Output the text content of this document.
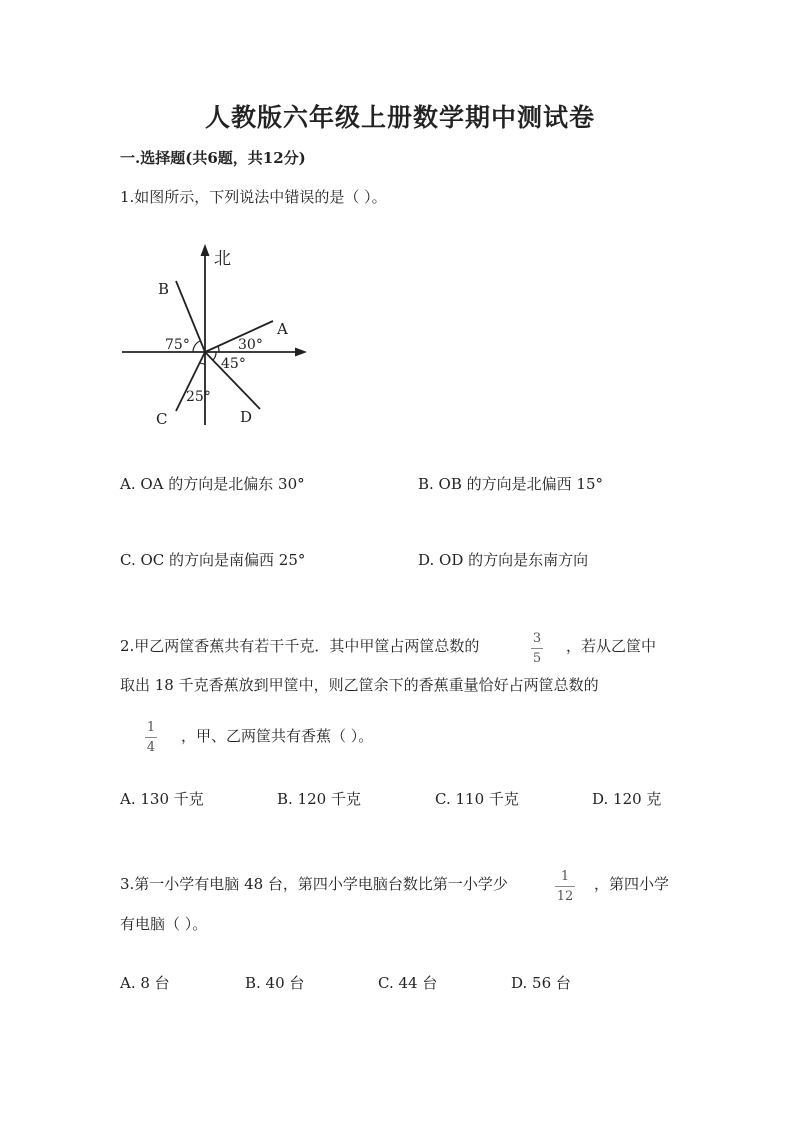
人教版六年级上册数学期中测试卷
一.选择题(共6题，共12分)
1.如图所示，下列说法中错误的是（ ）。
北
B
A
C	D
75°	30°
45°
25°
A. OA 的方向是北偏东 30°	B. OB 的方向是北偏西 15°
C. OC 的方向是南偏西 25°	D. OD 的方向是东南方向
2.甲乙两筐香蕉共有若干千克．其中甲筐占两筐总数的	3
5
，若从乙筐中
取出 18 千克香蕉放到甲筐中，则乙筐余下的香蕉重量恰好占两筐总数的
1
4
，甲、乙两筐共有香蕉（ ）。
A. 130 千克	B. 120 千克	C. 110 千克	D. 120 克
3.第一小学有电脑 48 台，第四小学电脑台数比第一小学少	1
12
，第四小学
有电脑（ ）。
A. 8 台	B. 40 台	C. 44 台	D. 56 台
